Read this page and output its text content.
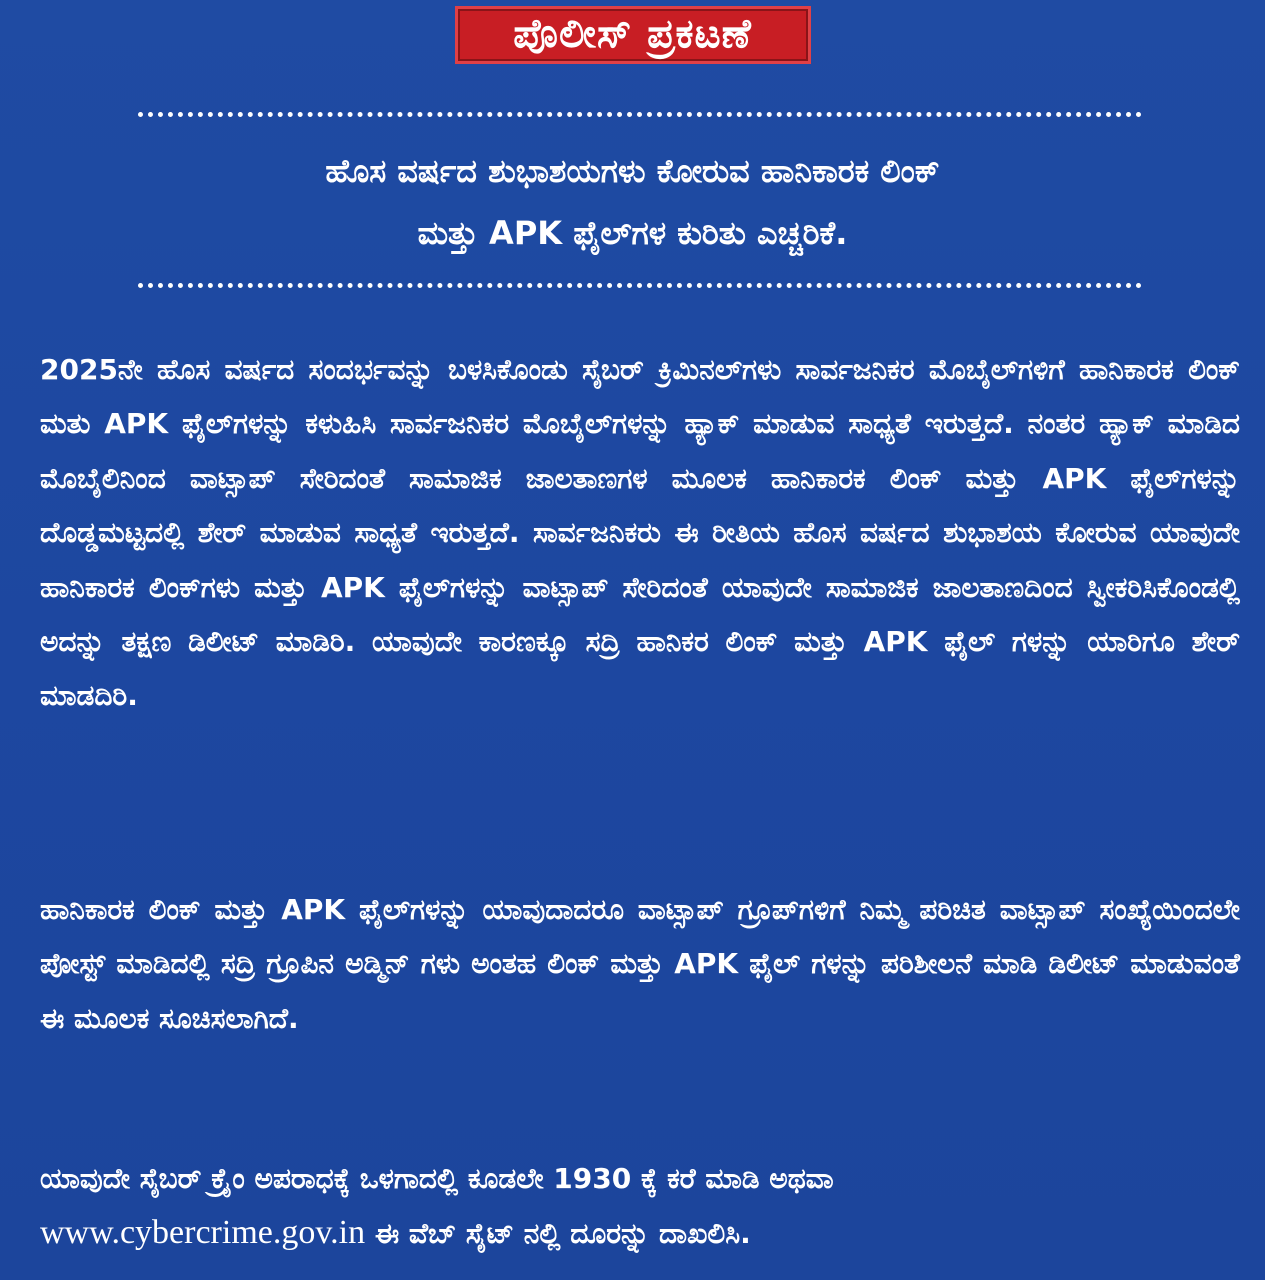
ಪೊಲೀಸ್ ಪ್ರಕಟಣೆ
ಹೊಸ ವರ್ಷದ ಶುಭಾಶಯಗಳು ಕೋರುವ ಹಾನಿಕಾರಕ ಲಿಂಕ್
ಮತ್ತು APK ಫೈಲ್‌ಗಳ ಕುರಿತು ಎಚ್ಚರಿಕೆ.
2025ನೇ ಹೊಸ ವರ್ಷದ ಸಂದರ್ಭವನ್ನು ಬಳಸಿಕೊಂಡು ಸೈಬರ್ ಕ್ರಿಮಿನಲ್‌ಗಳು ಸಾರ್ವಜನಿಕರ ಮೊಬೈಲ್‌ಗಳಿಗೆ ಹಾನಿಕಾರಕ ಲಿಂಕ್ ಮತು APK ಫೈಲ್‌ಗಳನ್ನು ಕಳುಹಿಸಿ ಸಾರ್ವಜನಿಕರ ಮೊಬೈಲ್‌ಗಳನ್ನು ಹ್ಯಾಕ್ ಮಾಡುವ ಸಾಧ್ಯತೆ ಇರುತ್ತದೆ. ನಂತರ ಹ್ಯಾಕ್ ಮಾಡಿದ ಮೊಬೈಲಿನಿಂದ ವಾಟ್ಸಾಪ್ ಸೇರಿದಂತೆ ಸಾಮಾಜಿಕ ಜಾಲತಾಣಗಳ ಮೂಲಕ ಹಾನಿಕಾರಕ ಲಿಂಕ್ ಮತ್ತು APK ಫೈಲ್‌ಗಳನ್ನು ದೊಡ್ಡಮಟ್ಟದಲ್ಲಿ ಶೇರ್ ಮಾಡುವ ಸಾಧ್ಯತೆ ಇರುತ್ತದೆ. ಸಾರ್ವಜನಿಕರು ಈ ರೀತಿಯ ಹೊಸ ವರ್ಷದ ಶುಭಾಶಯ ಕೋರುವ ಯಾವುದೇ ಹಾನಿಕಾರಕ ಲಿಂಕ್‌ಗಳು ಮತ್ತು APK ಫೈಲ್‌ಗಳನ್ನು ವಾಟ್ಸಾಪ್ ಸೇರಿದಂತೆ ಯಾವುದೇ ಸಾಮಾಜಿಕ ಜಾಲತಾಣದಿಂದ ಸ್ವೀಕರಿಸಿಕೊಂಡಲ್ಲಿ ಅದನ್ನು ತಕ್ಷಣ ಡಿಲೀಟ್ ಮಾಡಿರಿ. ಯಾವುದೇ ಕಾರಣಕ್ಕೂ ಸದ್ರಿ ಹಾನಿಕರ ಲಿಂಕ್ ಮತ್ತು APK ಫೈಲ್ ಗಳನ್ನು ಯಾರಿಗೂ ಶೇರ್ ಮಾಡದಿರಿ.
ಹಾನಿಕಾರಕ ಲಿಂಕ್ ಮತ್ತು APK ಫೈಲ್‌ಗಳನ್ನು ಯಾವುದಾದರೂ ವಾಟ್ಸಾಪ್ ಗ್ರೂಪ್‌ಗಳಿಗೆ ನಿಮ್ಮ ಪರಿಚಿತ ವಾಟ್ಸಾಪ್ ಸಂಖ್ಯೆಯಿಂದಲೇ ಪೋಸ್ಟ್ ಮಾಡಿದಲ್ಲಿ ಸದ್ರಿ ಗ್ರೂಪಿನ ಅಡ್ಮಿನ್ ಗಳು ಅಂತಹ ಲಿಂಕ್ ಮತ್ತು APK ಫೈಲ್ ಗಳನ್ನು ಪರಿಶೀಲನೆ ಮಾಡಿ ಡಿಲೀಟ್ ಮಾಡುವಂತೆ ಈ ಮೂಲಕ ಸೂಚಿಸಲಾಗಿದೆ.
ಯಾವುದೇ ಸೈಬರ್ ಕ್ರೈಂ ಅಪರಾಧಕ್ಕೆ ಒಳಗಾದಲ್ಲಿ ಕೂಡಲೇ 1930 ಕ್ಕೆ ಕರೆ ಮಾಡಿ ಅಥವಾ
www.cybercrime.gov.in ಈ ವೆಬ್ ಸೈಟ್ ನಲ್ಲಿ ದೂರನ್ನು ದಾಖಲಿಸಿ.
